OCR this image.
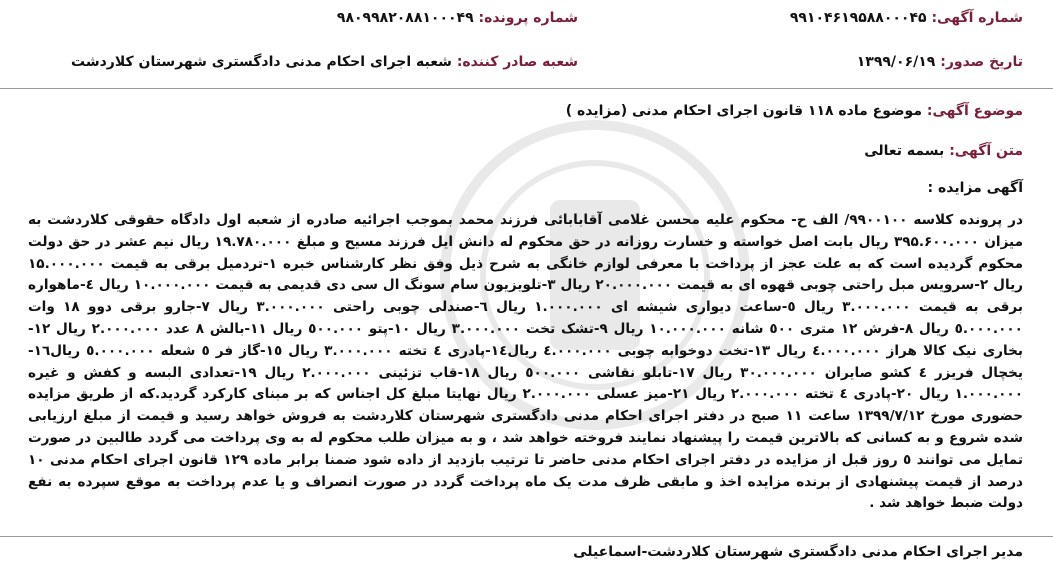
شماره آگهی: ۹۹۱۰۴۶۱۹۵۸۸۰۰۰۴۵
شماره پرونده: ۹۸۰۹۹۸۲۰۸۸۱۰۰۰۴۹
تاریخ صدور: ۱۳۹۹/۰۶/۱۹
شعبه صادر کننده: شعبه اجرای احکام مدنی دادگستری شهرستان کلاردشت
موضوع آگهی: موضوع ماده ۱۱۸ قانون اجرای احکام مدنی (مزایده )
متن آگهی: بسمه تعالی
آگهی مزایده :

در پرونده کلاسه ۹۹۰۰۱۰۰/ الف ح- محکوم علیه محسن غلامی آقابابائی فرزند محمد بموجب اجرائیه صادره از شعبه اول دادگاه حقوقی کلاردشت به میزان ۳۹۵.۶۰۰.۰۰۰ ریال بابت اصل خواسته و خسارت روزانه در حق محکوم له دانش ایل فرزند مسیح و مبلغ ۱۹.۷۸۰.۰۰۰ ریال نیم عشر در حق دولت محکوم گردیده است که به علت عجز از پرداخت با معرفی لوازم خانگی به شرح ذیل وفق نظر کارشناس خبره ۱-تردمیل برقی به قیمت ۱۵.۰۰۰.۰۰۰ ریال ۲-سرویس مبل راحتی چوبی قهوه ای به قیمت ۲۰.۰۰۰.۰۰۰ ریال ۳-تلویزیون سام سونگ ال سی دی قدیمی به قیمت ۱۰.۰۰۰.۰۰۰ ریال ٤-ماهواره برقی به قیمت ۳.۰۰۰.۰۰۰ ریال ٥-ساعت دیواری شیشه ای ۱.۰۰۰.۰۰۰ ریال ٦-صندلی چوبی راحتی ۳.۰۰۰.۰۰۰ ریال ۷-جارو برقی دوو ۱۸ وات ٥.۰۰۰.۰۰۰ ریال ۸-فرش ۱۲ متری ٥۰۰ شانه ۱۰.۰۰۰.۰۰۰ ریال ۹-تشک تخت ۳.۰۰۰.۰۰۰ ریال ۱۰-پتو ٥۰۰.۰۰۰ ریال ۱۱-بالش ۸ عدد ۲.۰۰۰.۰۰۰ ریال ۱۲-بخاری نیک کالا هراز ٤.۰۰۰.۰۰۰ ریال ۱۳-تخت دوخوابه چوبی ٤.۰۰۰.۰۰۰ ریال۱٤-پادری ٤ تخته ۳.۰۰۰.۰۰۰ ریال ۱٥-گاز فر ٥ شعله ٥.۰۰۰.۰۰۰ ریال۱٦-یخچال فریزر ٤ کشو صایران ۳۰.۰۰۰.۰۰۰ ریال ۱۷-تابلو نقاشی ٥۰۰.۰۰۰ ریال ۱۸-قاب تزئینی ۲.۰۰۰.۰۰۰ ریال ۱۹-تعدادی البسه و کفش و غیره ۱.۰۰۰.۰۰۰ ریال ۲۰-پادری ٤ تخته ۲.۰۰۰.۰۰۰ ریال ۲۱-میز عسلی ۲.۰۰۰.۰۰۰ ریال نهایتا مبلغ کل اجناس که بر مبنای کارکرد گردید.که از طریق مزایده حضوری مورخ ۱۳۹۹/۷/۱۲ ساعت ۱۱ صبح در دفتر اجرای احکام مدنی دادگستری شهرستان کلاردشت به فروش خواهد رسید و قیمت از مبلغ ارزیابی شده شروع و به کسانی که بالاترین قیمت را پیشنهاد نمایند فروخته خواهد شد ، و به میزان طلب محکوم له به وی پرداخت می گردد طالبین در صورت تمایل می توانند ٥ روز قبل از مزایده در دفتر اجرای احکام مدنی حاضر تا ترتیب بازدید از داده شود ضمنا برابر ماده ۱۲۹ قانون اجرای احکام مدنی ۱۰ درصد از قیمت پیشنهادی از برنده مزایده اخذ و مابقی ظرف مدت یک ماه پرداخت گردد در صورت انصراف و یا عدم پرداخت به موقع سپرده به نفع دولت ضبط خواهد شد .

مدیر اجرای احکام مدنی دادگستری شهرستان کلاردشت-اسماعیلی
